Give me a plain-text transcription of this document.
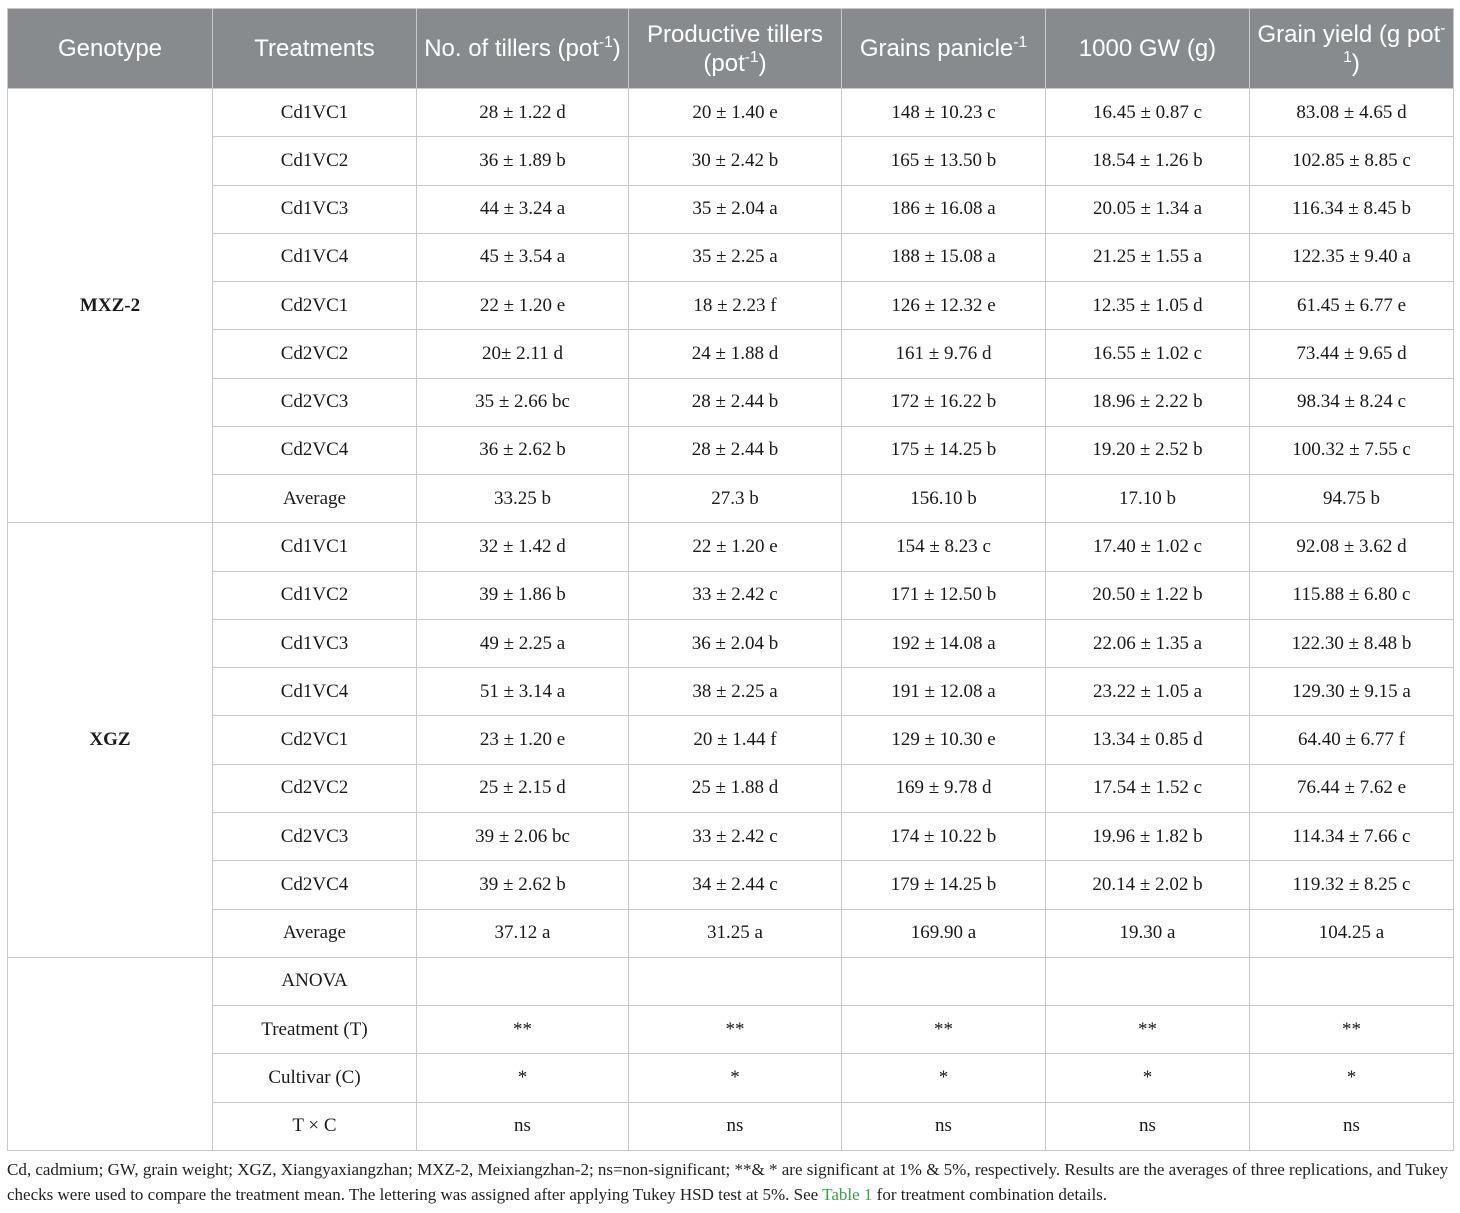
Genotype	Treatments	No. of tillers (pot$^{-1}$)	Productive tillers (pot$^{-1}$)	Grains panicle$^{-1}$	1000 GW (g)	Grain yield (g pot$^{-1}$)
MXZ-2	Cd1VC1	28 ± 1.22 d	20 ± 1.40 e	148 ± 10.23 c	16.45 ± 0.87 c	83.08 ± 4.65 d
	Cd1VC2	36 ± 1.89 b	30 ± 2.42 b	165 ± 13.50 b	18.54 ± 1.26 b	102.85 ± 8.85 c
	Cd1VC3	44 ± 3.24 a	35 ± 2.04 a	186 ± 16.08 a	20.05 ± 1.34 a	116.34 ± 8.45 b
	Cd1VC4	45 ± 3.54 a	35 ± 2.25 a	188 ± 15.08 a	21.25 ± 1.55 a	122.35 ± 9.40 a
	Cd2VC1	22 ± 1.20 e	18 ± 2.23 f	126 ± 12.32 e	12.35 ± 1.05 d	61.45 ± 6.77 e
	Cd2VC2	20± 2.11 d	24 ± 1.88 d	161 ± 9.76 d	16.55 ± 1.02 c	73.44 ± 9.65 d
	Cd2VC3	35 ± 2.66 bc	28 ± 2.44 b	172 ± 16.22 b	18.96 ± 2.22 b	98.34 ± 8.24 c
	Cd2VC4	36 ± 2.62 b	28 ± 2.44 b	175 ± 14.25 b	19.20 ± 2.52 b	100.32 ± 7.55 c
	Average	33.25 b	27.3 b	156.10 b	17.10 b	94.75 b
XGZ	Cd1VC1	32 ± 1.42 d	22 ± 1.20 e	154 ± 8.23 c	17.40 ± 1.02 c	92.08 ± 3.62 d
	Cd1VC2	39 ± 1.86 b	33 ± 2.42 c	171 ± 12.50 b	20.50 ± 1.22 b	115.88 ± 6.80 c
	Cd1VC3	49 ± 2.25 a	36 ± 2.04 b	192 ± 14.08 a	22.06 ± 1.35 a	122.30 ± 8.48 b
	Cd1VC4	51 ± 3.14 a	38 ± 2.25 a	191 ± 12.08 a	23.22 ± 1.05 a	129.30 ± 9.15 a
	Cd2VC1	23 ± 1.20 e	20 ± 1.44 f	129 ± 10.30 e	13.34 ± 0.85 d	64.40 ± 6.77 f
	Cd2VC2	25 ± 2.15 d	25 ± 1.88 d	169 ± 9.78 d	17.54 ± 1.52 c	76.44 ± 7.62 e
	Cd2VC3	39 ± 2.06 bc	33 ± 2.42 c	174 ± 10.22 b	19.96 ± 1.82 b	114.34 ± 7.66 c
	Cd2VC4	39 ± 2.62 b	34 ± 2.44 c	179 ± 14.25 b	20.14 ± 2.02 b	119.32 ± 8.25 c
	Average	37.12 a	31.25 a	169.90 a	19.30 a	104.25 a
	ANOVA					
	Treatment (T)	**	**	**	**	**
	Cultivar (C)	*	*	*	*	*
	T × C	ns	ns	ns	ns	ns
Cd, cadmium; GW, grain weight; XGZ, Xiangyaxiangzhan; MXZ-2, Meixiangzhan-2; ns=non-significant; **& * are significant at 1% & 5%, respectively. Results are the averages of three replications, and Tukey checks were used to compare the treatment mean. The lettering was assigned after applying Tukey HSD test at 5%. See Table 1 for treatment combination details.
